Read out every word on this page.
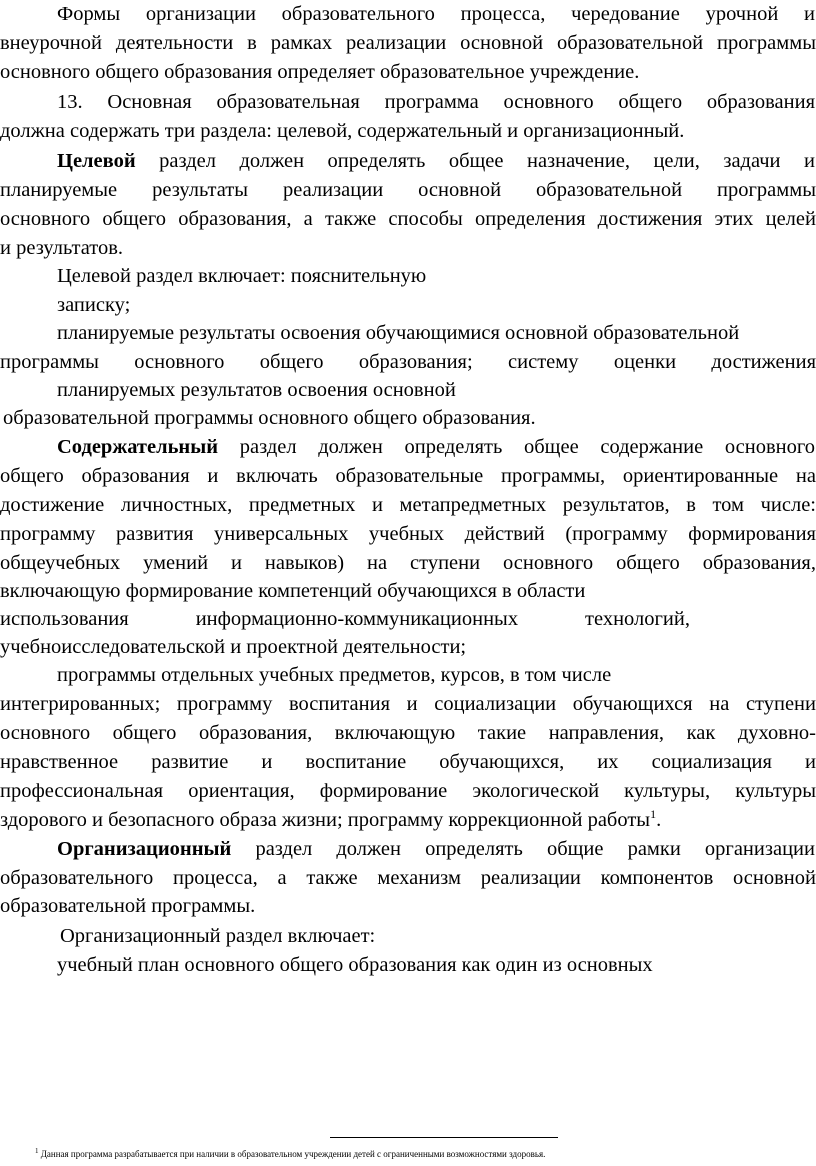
Формы организации образовательного процесса, чередование урочной и
внеурочной деятельности в рамках реализации основной образовательной программы
основного общего образования определяет образовательное учреждение.
13. Основная образовательная программа основного общего образования
должна содержать три раздела: целевой, содержательный и организационный.
Целевой раздел должен определять общее назначение, цели, задачи и
планируемые результаты реализации основной образовательной программы
основного общего образования, а также способы определения достижения этих целей
и результатов.
Целевой раздел включает: пояснительную
записку;
планируемые результаты освоения обучающимися основной образовательной
программы основного общего образования; систему оценки достижения
планируемых результатов освоения основной
образовательной программы основного общего образования.
Содержательный раздел должен определять общее содержание основного
общего образования и включать образовательные программы, ориентированные на
достижение личностных, предметных и метапредметных результатов, в том числе:
программу развития универсальных учебных действий (программу формирования
общеучебных умений и навыков) на ступени основного общего образования,
включающую формирование компетенций обучающихся в области
использования информационно-коммуникационных технологий,
учебноисследовательской и проектной деятельности;
программы отдельных учебных предметов, курсов, в том числе
интегрированных; программу воспитания и социализации обучающихся на ступени
основного общего образования, включающую такие направления, как духовно-
нравственное развитие и воспитание обучающихся, их социализация и
профессиональная ориентация, формирование экологической культуры, культуры
здорового и безопасного образа жизни; программу коррекционной работы$^1$.
Организационный раздел должен определять общие рамки организации
образовательного процесса, а также механизм реализации компонентов основной
образовательной программы.
Организационный раздел включает:
учебный план основного общего образования как один из основных
$^1$ Данная программа разрабатывается при наличии в образовательном учреждении детей с ограниченными возможностями здоровья.
